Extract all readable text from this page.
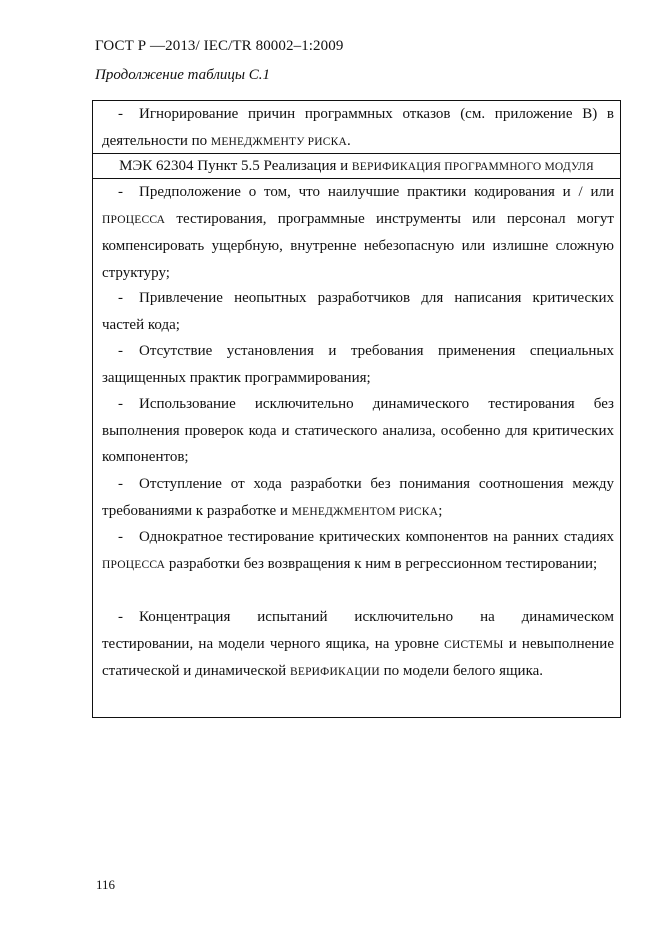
ГОСТ Р —2013/ IEC/TR 80002–1:2009
Продолжение таблицы С.1
- Игнорирование причин программных отказов (см. приложение В) в деятельности по МЕНЕДЖМЕНТУ РИСКА.
МЭК 62304 Пункт 5.5 Реализация и ВЕРИФИКАЦИЯ ПРОГРАММНОГО МОДУЛЯ
- Предположение о том, что наилучшие практики кодирования и / или ПРОЦЕССА тестирования, программные инструменты или персонал могут компенсировать ущербную, внутренне небезопасную или излишне сложную структуру;
- Привлечение неопытных разработчиков для написания критических частей кода;
- Отсутствие установления и требования применения специальных защищенных практик программирования;
- Использование исключительно динамического тестирования без выполнения проверок кода и статического анализа, особенно для критических компонентов;
- Отступление от хода разработки без понимания соотношения между требованиями к разработке и МЕНЕДЖМЕНТОМ РИСКА;
- Однократное тестирование критических компонентов на ранних стадиях ПРОЦЕССА разработки без возвращения к ним в регрессионном тестировании;
- Концентрация испытаний исключительно на динамическом тестировании, на модели черного ящика, на уровне СИСТЕМЫ и невыполнение статической и динамической ВЕРИФИКАЦИИ по модели белого ящика.
116
